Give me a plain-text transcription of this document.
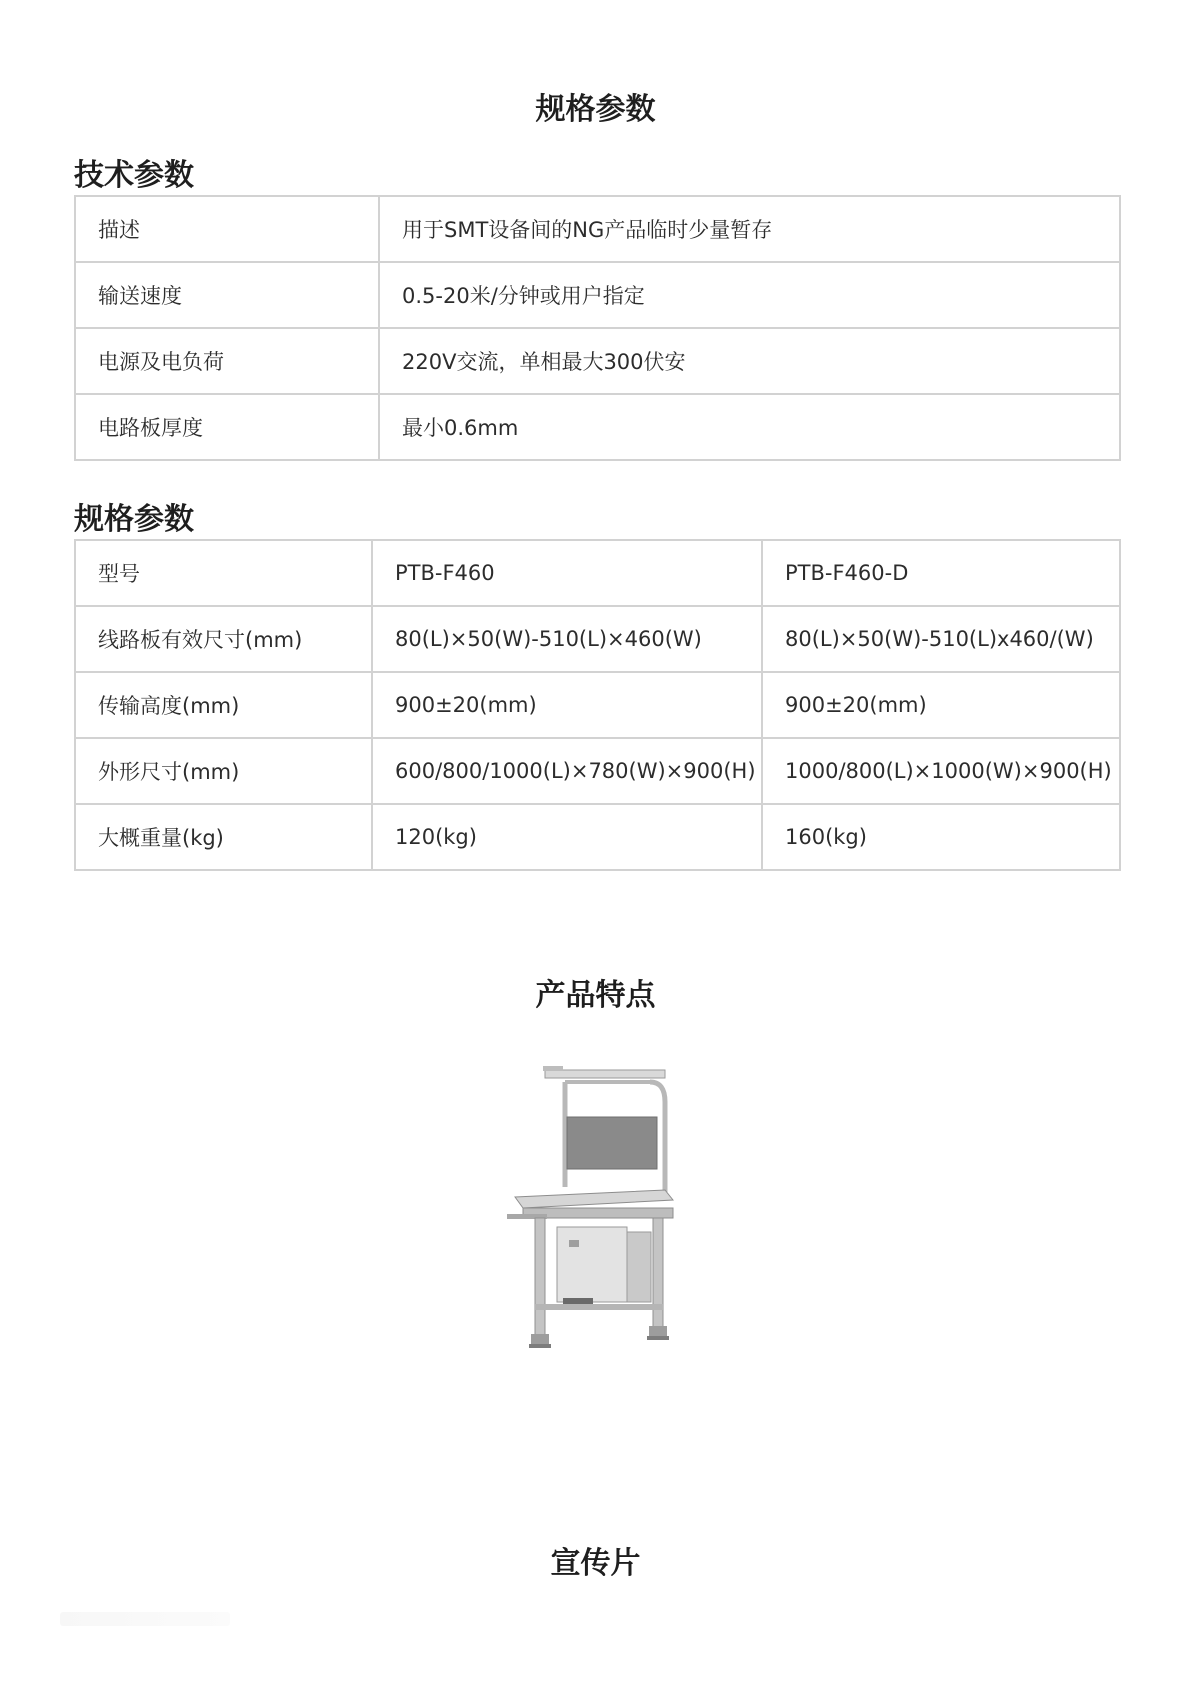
规格参数
技术参数
描述	用于SMT设备间的NG产品临时少量暂存
输送速度	0.5-20米/分钟或用户指定
电源及电负荷	220V交流，单相最大300伏安
电路板厚度	最小0.6mm
规格参数
型号	PTB-F460	PTB-F460-D
线路板有效尺寸(mm)	80(L)×50(W)-510(L)×460(W)	80(L)×50(W)-510(L)x460/(W)
传输高度(mm)	900±20(mm)	900±20(mm)
外形尺寸(mm)	600/800/1000(L)×780(W)×900(H)	1000/800(L)×1000(W)×900(H)
大概重量(kg)	120(kg)	160(kg)
产品特点
宣传片
